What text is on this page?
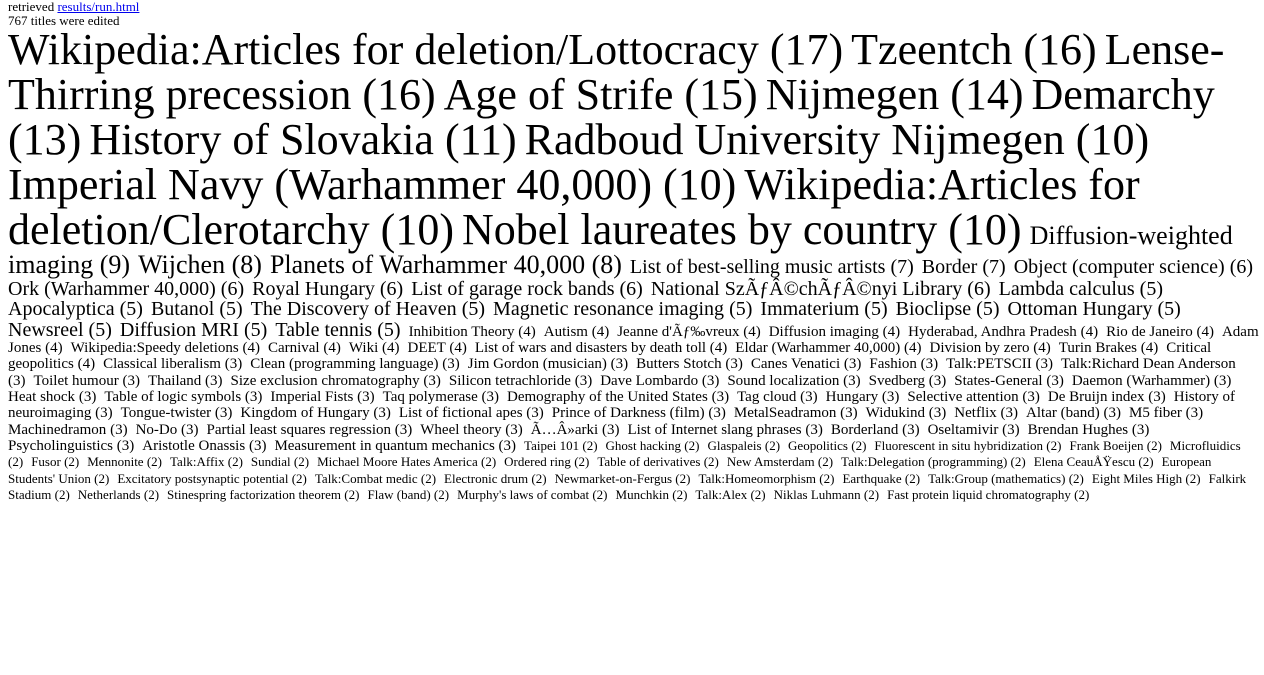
retrieved results/run.html
767 titles were edited
Wikipedia:Articles for deletion/Lottocracy (17) Tzeentch (16) Lense-Thirring precession (16) Age of Strife (15) Nijmegen (14) Demarchy (13) History of Slovakia (11) Radboud University Nijmegen (10)  Imperial Navy (Warhammer 40,000) (10) Wikipedia:Articles for deletion/Clerotarchy (10) Nobel laureates by country (10) Diffusion-weighted imaging (9) Wijchen (8) Planets of Warhammer 40,000 (8) List of best-selling music artists (7) Border (7) Object (computer science) (6)  Ork (Warhammer 40,000) (6) Royal Hungary (6) List of garage rock bands (6) National SzÃƒÂ©chÃƒÂ©nyi Library (6) Lambda calculus (5)  Apocalyptica (5) Butanol (5) The Discovery of Heaven (5) Magnetic resonance imaging (5) Immaterium (5) Bioclipse (5) Ottoman Hungary (5)  Newsreel (5) Diffusion MRI (5) Table tennis (5) Inhibition Theory (4) Autism (4) Jeanne d'Ãƒ‰vreux (4) Diffusion imaging (4) Hyderabad, Andhra Pradesh (4) Rio de Janeiro (4) Adam Jones (4) Wikipedia:Speedy deletions (4) Carnival (4) Wiki (4) DEET (4) List of wars and disasters by death toll (4) Eldar (Warhammer 40,000) (4) Division by zero (4) Turin Brakes (4) Critical geopolitics (4) Classical liberalism (3) Clean (programming language) (3) Jim Gordon (musician) (3) Butters Stotch (3) Canes Venatici (3) Fashion (3) Talk:PETSCII (3) Talk:Richard Dean Anderson (3) Toilet humour (3) Thailand (3) Size exclusion chromatography (3) Silicon tetrachloride (3) Dave Lombardo (3) Sound localization (3) Svedberg (3) States-General (3) Daemon (Warhammer) (3)  Heat shock (3) Table of logic symbols (3) Imperial Fists (3) Taq polymerase (3) Demography of the United States (3) Tag cloud (3) Hungary (3) Selective attention (3) De Bruijn index (3) History of neuroimaging (3) Tongue-twister (3) Kingdom of Hungary (3) List of fictional apes (3) Prince of Darkness (film) (3) MetalSeadramon (3) Widukind (3) Netflix (3) Altar (band) (3) M5 fiber (3)  Machinedramon (3) No-Do (3) Partial least squares regression (3) Wheel theory (3) Ã…Â»arki (3) List of Internet slang phrases (3) Borderland (3) Oseltamivir (3) Brendan Hughes (3)  Psycholinguistics (3) Aristotle Onassis (3) Measurement in quantum mechanics (3) Taipei 101 (2) Ghost hacking (2) Glaspaleis (2) Geopolitics (2) Fluorescent in situ hybridization (2) Frank Boeijen (2) Microfluidics (2) Fusor (2) Mennonite (2) Talk:Affix (2) Sundial (2) Michael Moore Hates America (2) Ordered ring (2) Table of derivatives (2) New Amsterdam (2) Talk:Delegation (programming) (2) Elena CeauÅŸescu (2) European Students' Union (2) Excitatory postsynaptic potential (2) Talk:Combat medic (2) Electronic drum (2) Newmarket-on-Fergus (2) Talk:Homeomorphism (2) Earthquake (2) Talk:Group (mathematics) (2) Eight Miles High (2) Falkirk Stadium (2) Netherlands (2) Stinespring factorization theorem (2) Flaw (band) (2) Murphy's laws of combat (2) Munchkin (2) Talk:Alex (2) Niklas Luhmann (2) Fast protein liquid chromatography (2)
